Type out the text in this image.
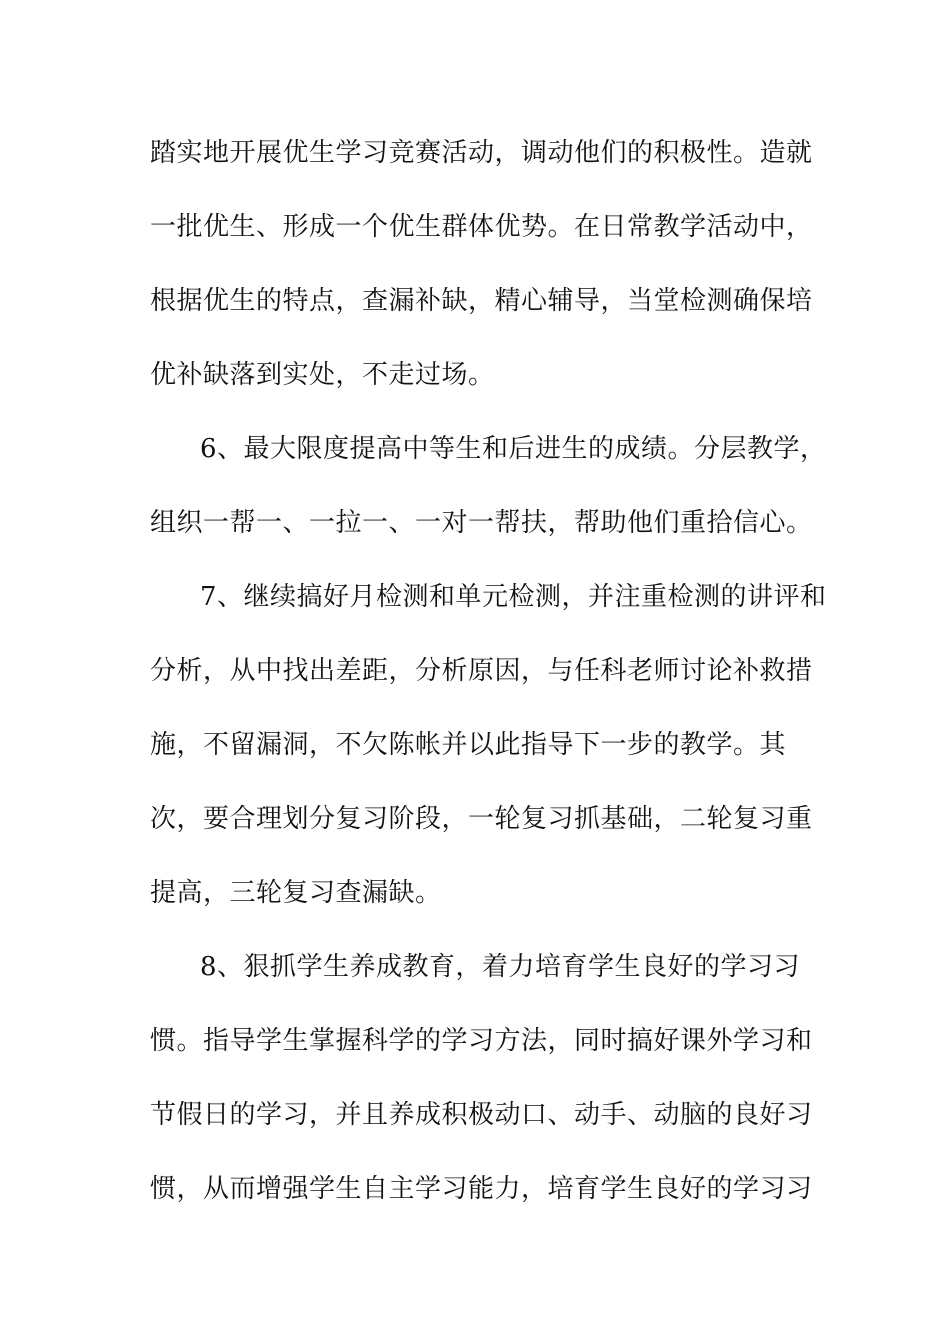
踏实地开展优生学习竞赛活动，调动他们的积极性。造就

一批优生、形成一个优生群体优势。在日常教学活动中，

根据优生的特点，查漏补缺，精心辅导，当堂检测确保培

优补缺落到实处，不走过场。

6、最大限度提高中等生和后进生的成绩。分层教学，

组织一帮一、一拉一、一对一帮扶，帮助他们重拾信心。

7、继续搞好月检测和单元检测，并注重检测的讲评和

分析，从中找出差距，分析原因，与任科老师讨论补救措

施，不留漏洞，不欠陈帐并以此指导下一步的教学。其

次，要合理划分复习阶段，一轮复习抓基础，二轮复习重

提高，三轮复习查漏缺。

8、狠抓学生养成教育，着力培育学生良好的学习习

惯。指导学生掌握科学的学习方法，同时搞好课外学习和

节假日的学习，并且养成积极动口、动手、动脑的良好习

惯，从而增强学生自主学习能力，培育学生良好的学习习
